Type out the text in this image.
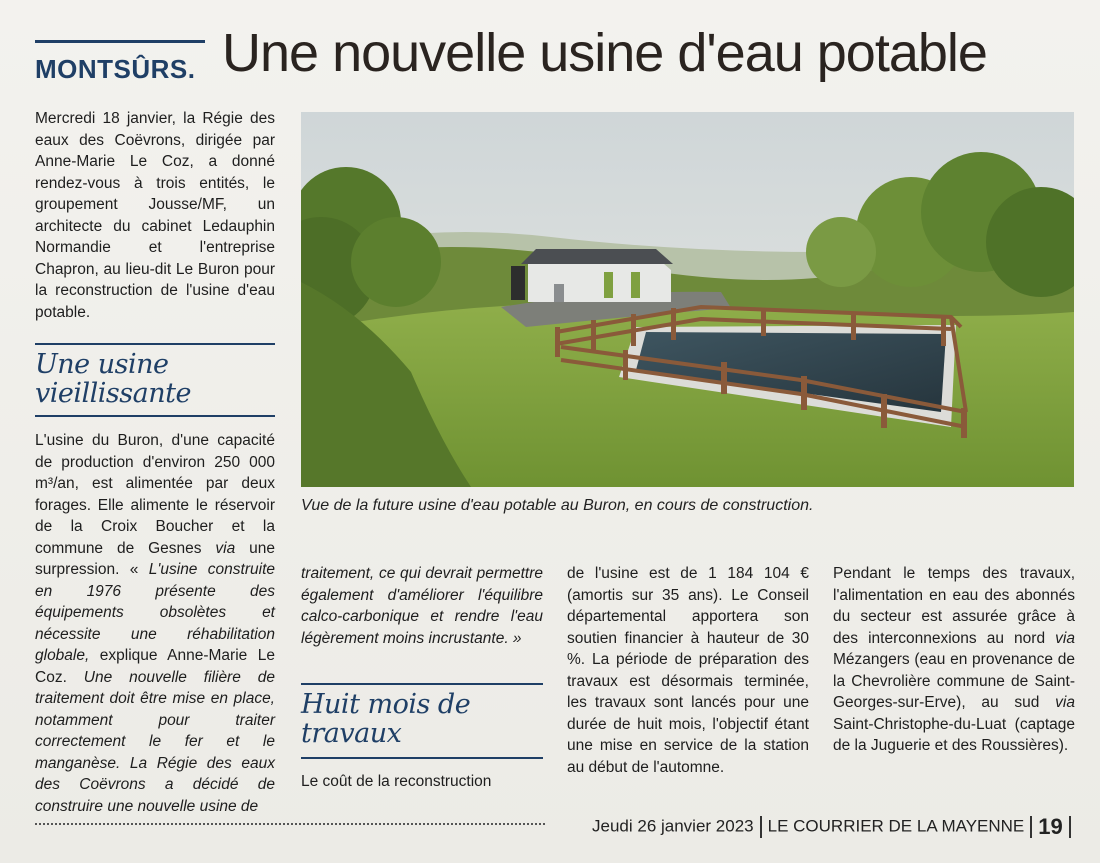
MONTSÛRS. Une nouvelle usine d'eau potable

Mercredi 18 janvier, la Régie des eaux des Coëvrons, dirigée par Anne-Marie Le Coz, a donné rendez-vous à trois entités, le groupement Jousse/MF, un architecte du cabinet Ledauphin Normandie et l'entreprise Chapron, au lieu-dit Le Buron pour la reconstruction de l'usine d'eau potable.

Une usine vieillissante

L'usine du Buron, d'une capacité de production d'environ 250 000 m³/an, est alimentée par deux forages. Elle alimente le réservoir de la Croix Boucher et la commune de Gesnes via une surpression. « L'usine construite en 1976 présente des équipements obsolètes et nécessite une réhabilitation globale, explique Anne-Marie Le Coz. Une nouvelle filière de traitement doit être mise en place, notamment pour traiter correctement le fer et le manganèse. La Régie des eaux des Coëvrons a décidé de construire une nouvelle usine de

Vue de la future usine d'eau potable au Buron, en cours de construction.

traitement, ce qui devrait permettre également d'améliorer l'équilibre calco-carbonique et rendre l'eau légèrement moins incrustante. »

Huit mois de travaux

Le coût de la reconstruction

de l'usine est de 1 184 104 € (amortis sur 35 ans). Le Conseil départemental apportera son soutien financier à hauteur de 30 %. La période de préparation des travaux est désormais terminée, les travaux sont lancés pour une durée de huit mois, l'objectif étant une mise en service de la station au début de l'automne.

Pendant le temps des travaux, l'alimentation en eau des abonnés du secteur est assurée grâce à des interconnexions au nord via Mézangers (eau en provenance de la Chevrolière commune de Saint-Georges-sur-Erve), au sud via Saint-Christophe-du-Luat (captage de la Juguerie et des Roussières).

Jeudi 26 janvier 2023 LE COURRIER DE LA MAYENNE 19
